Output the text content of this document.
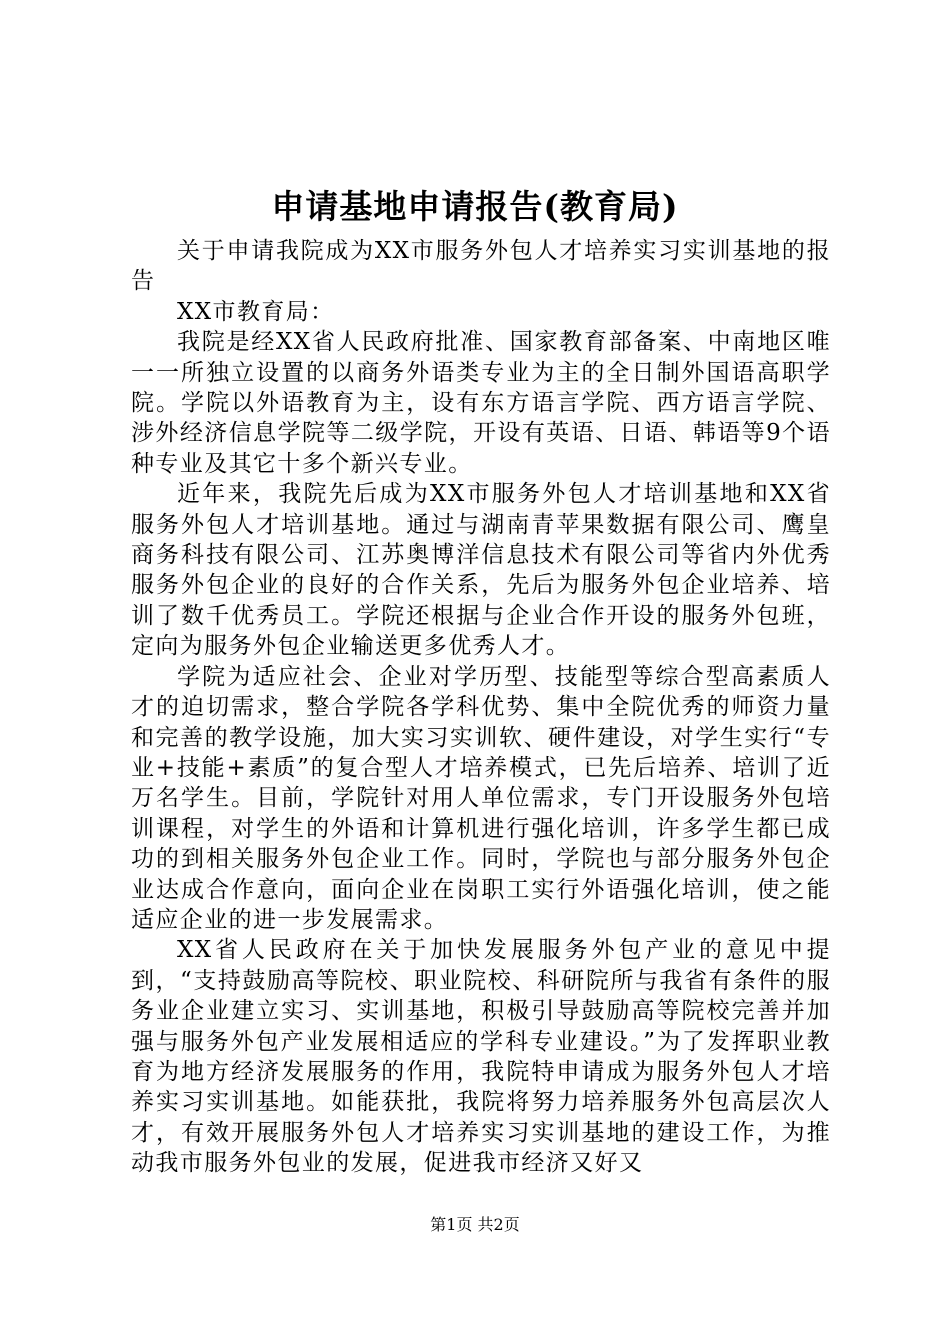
申请基地申请报告(教育局)

关于申请我院成为XX市服务外包人才培养实习实训基地的报告

XX市教育局：

我院是经XX省人民政府批准、国家教育部备案、中南地区唯一一所独立设置的以商务外语类专业为主的全日制外国语高职学院。学院以外语教育为主，设有东方语言学院、西方语言学院、涉外经济信息学院等二级学院，开设有英语、日语、韩语等9个语种专业及其它十多个新兴专业。

近年来，我院先后成为XX市服务外包人才培训基地和XX省服务外包人才培训基地。通过与湖南青苹果数据有限公司、鹰皇商务科技有限公司、江苏奥博洋信息技术有限公司等省内外优秀服务外包企业的良好的合作关系，先后为服务外包企业培养、培训了数千优秀员工。学院还根据与企业合作开设的服务外包班，定向为服务外包企业输送更多优秀人才。

学院为适应社会、企业对学历型、技能型等综合型高素质人才的迫切需求，整合学院各学科优势、集中全院优秀的师资力量和完善的教学设施，加大实习实训软、硬件建设，对学生实行“专业+技能+素质”的复合型人才培养模式，已先后培养、培训了近万名学生。目前，学院针对用人单位需求，专门开设服务外包培训课程，对学生的外语和计算机进行强化培训，许多学生都已成功的到相关服务外包企业工作。同时，学院也与部分服务外包企业达成合作意向，面向企业在岗职工实行外语强化培训，使之能适应企业的进一步发展需求。

XX省人民政府在关于加快发展服务外包产业的意见中提到，“支持鼓励高等院校、职业院校、科研院所与我省有条件的服务业企业建立实习、实训基地，积极引导鼓励高等院校完善并加强与服务外包产业发展相适应的学科专业建设。”为了发挥职业教育为地方经济发展服务的作用，我院特申请成为服务外包人才培养实习实训基地。如能获批，我院将努力培养服务外包高层次人才，有效开展服务外包人才培养实习实训基地的建设工作，为推动我市服务外包业的发展，促进我市经济又好又

第1页 共2页
